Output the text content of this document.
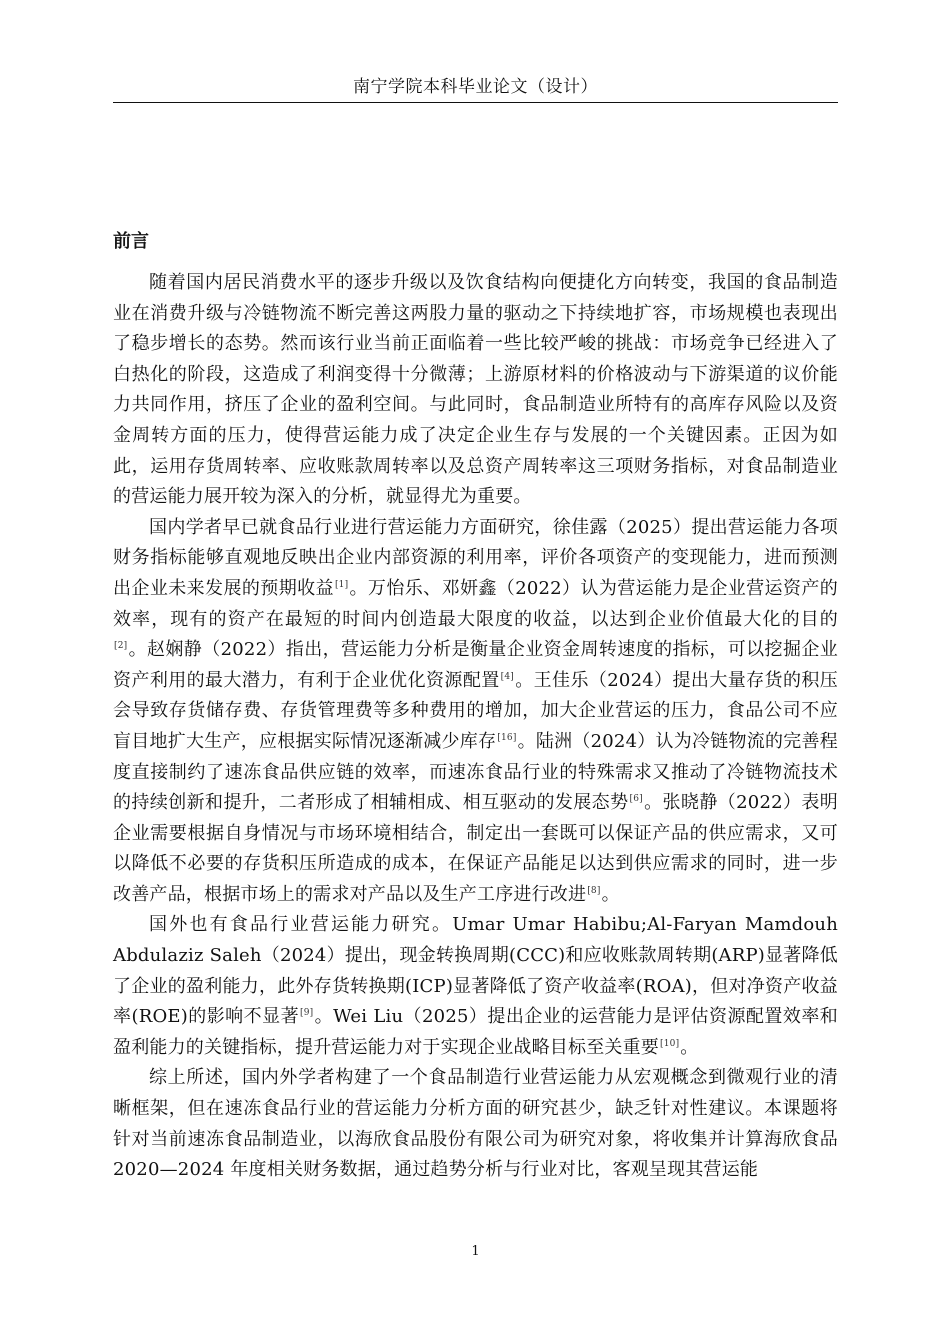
南宁学院本科毕业论文（设计）
前言

随着国内居民消费水平的逐步升级以及饮食结构向便捷化方向转变，我国的食品制造业在消费升级与冷链物流不断完善这两股力量的驱动之下持续地扩容，市场规模也表现出了稳步增长的态势。然而该行业当前正面临着一些比较严峻的挑战：市场竞争已经进入了白热化的阶段，这造成了利润变得十分微薄；上游原材料的价格波动与下游渠道的议价能力共同作用，挤压了企业的盈利空间。与此同时，食品制造业所特有的高库存风险以及资金周转方面的压力，使得营运能力成了决定企业生存与发展的一个关键因素。正因为如此，运用存货周转率、应收账款周转率以及总资产周转率这三项财务指标，对食品制造业的营运能力展开较为深入的分析，就显得尤为重要。

国内学者早已就食品行业进行营运能力方面研究，徐佳露（2025）提出营运能力各项财务指标能够直观地反映出企业内部资源的利用率，评价各项资产的变现能力，进而预测出企业未来发展的预期收益[1]。万怡乐、邓妍鑫（2022）认为营运能力是企业营运资产的效率，现有的资产在最短的时间内创造最大限度的收益，以达到企业价值最大化的目的[2]。赵娴静（2022）指出，营运能力分析是衡量企业资金周转速度的指标，可以挖掘企业资产利用的最大潜力，有利于企业优化资源配置[4]。王佳乐（2024）提出大量存货的积压会导致存货储存费、存货管理费等多种费用的增加，加大企业营运的压力，食品公司不应盲目地扩大生产，应根据实际情况逐渐减少库存[16]。陆洲（2024）认为冷链物流的完善程度直接制约了速冻食品供应链的效率，而速冻食品行业的特殊需求又推动了冷链物流技术的持续创新和提升，二者形成了相辅相成、相互驱动的发展态势[6]。张晓静（2022）表明企业需要根据自身情况与市场环境相结合，制定出一套既可以保证产品的供应需求，又可以降低不必要的存货积压所造成的成本，在保证产品能足以达到供应需求的同时，进一步改善产品，根据市场上的需求对产品以及生产工序进行改进[8]。

国外也有食品行业营运能力研究。Umar Umar Habibu;Al-Faryan Mamdouh Abdulaziz Saleh（2024）提出，现金转换周期(CCC)和应收账款周转期(ARP)显著降低了企业的盈利能力，此外存货转换期(ICP)显著降低了资产收益率(ROA)，但对净资产收益率(ROE)的影响不显著[9]。Wei Liu（2025）提出企业的运营能力是评估资源配置效率和盈利能力的关键指标，提升营运能力对于实现企业战略目标至关重要[10]。

综上所述，国内外学者构建了一个食品制造行业营运能力从宏观概念到微观行业的清晰框架，但在速冻食品行业的营运能力分析方面的研究甚少，缺乏针对性建议。本课题将针对当前速冻食品制造业，以海欣食品股份有限公司为研究对象，将收集并计算海欣食品 2020—2024 年度相关财务数据，通过趋势分析与行业对比，客观呈现其营运能

1
